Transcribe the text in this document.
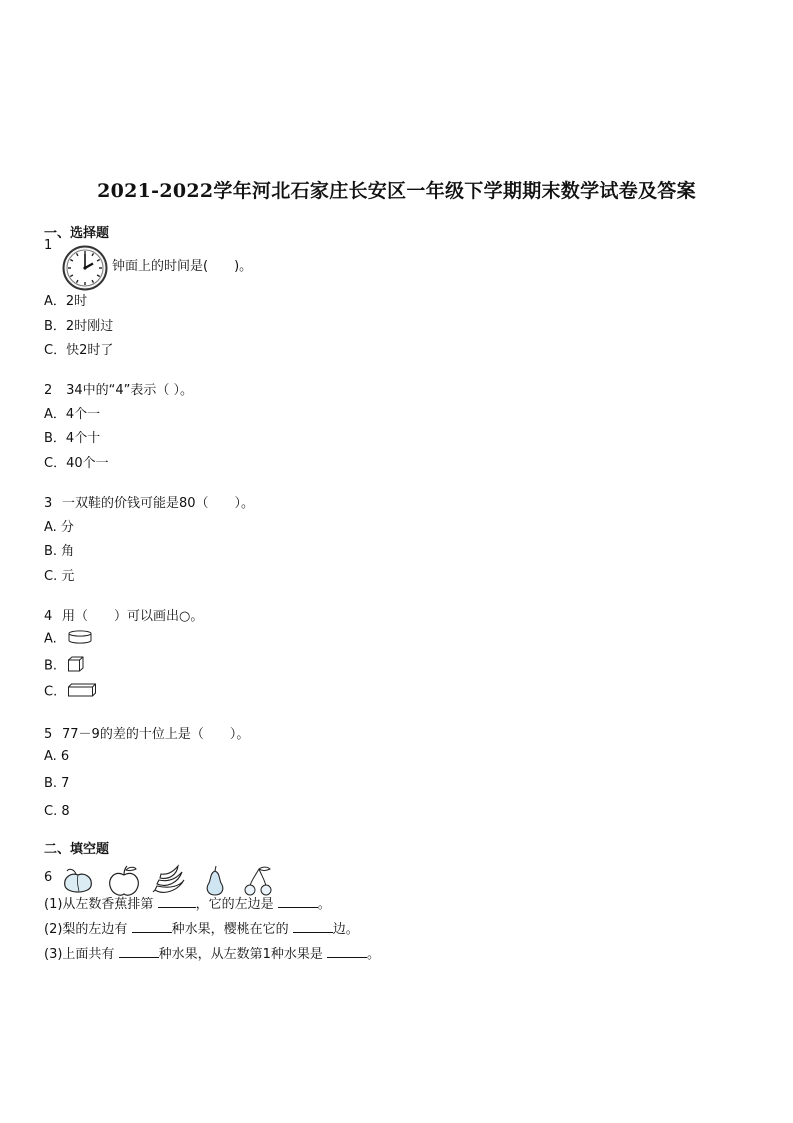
2021-2022学年河北石家庄长安区一年级下学期期末数学试卷及答案
一、选择题
1
钟面上的时间是(　　)。
A．2时
B．2时刚过
C．快2时了
2 34中的“4”表示（ ）。
A．4个一
B．4个十
C．40个一
3 一双鞋的价钱可能是80（　　）。
A. 分
B. 角
C. 元
4 用（　　）可以画出○。
A.
B.
C.
5 77－9的差的十位上是（　　）。
A. 6
B. 7
C. 8
二、填空题
6
(1)从左数香蕉排第	，它的左边是	。
(2)梨的左边有	种水果，樱桃在它的	边。
(3)上面共有	种水果，从左数第1种水果是	。
